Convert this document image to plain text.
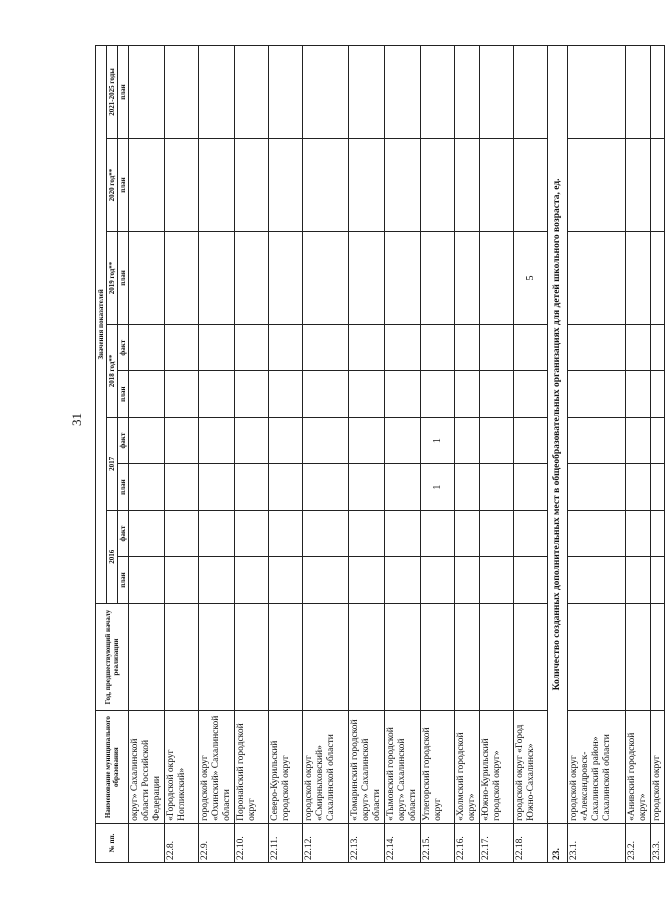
31
№ пп.	Наименование муниципального образования	Год, предшествующий началу реализации	Значения показателей								
			2016		2017		2018 год**		2019 год**	2020 год**	2021-2025 годы
			план	факт	план	факт	план	факт	план	план	план
	округ» Сахалинской области Российской Федерации										
22.8.	«Городской округ Ногликский»										
22.9.	городской округ «Охинский» Сахалинской области										
22.10.	Поронайский городской округ										
22.11.	Северо-Курильский городской округ										
22.12.	городской округ «Смирныховский» Сахалинской области										
22.13.	«Томаринский городской округ» Сахалинской области										
22.14.	«Тымовский городской округ» Сахалинской области										
22.15.	Углегорский городской округ				1	1					
22.16.	«Холмский городской округ»										
22.17.	«Южно-Курильский городской округ»										
22.18.	городской округ «Город Южно-Сахалинск»								5		
23.	Количество созданных дополнительных мест в общеобразовательных организациях для детей школьного возраста, ед.										
23.1.	городской округ «Александровск-Сахалинский район» Сахалинской области										
23.2.	«Анивский городской округ»										
23.3.	городской округ										
